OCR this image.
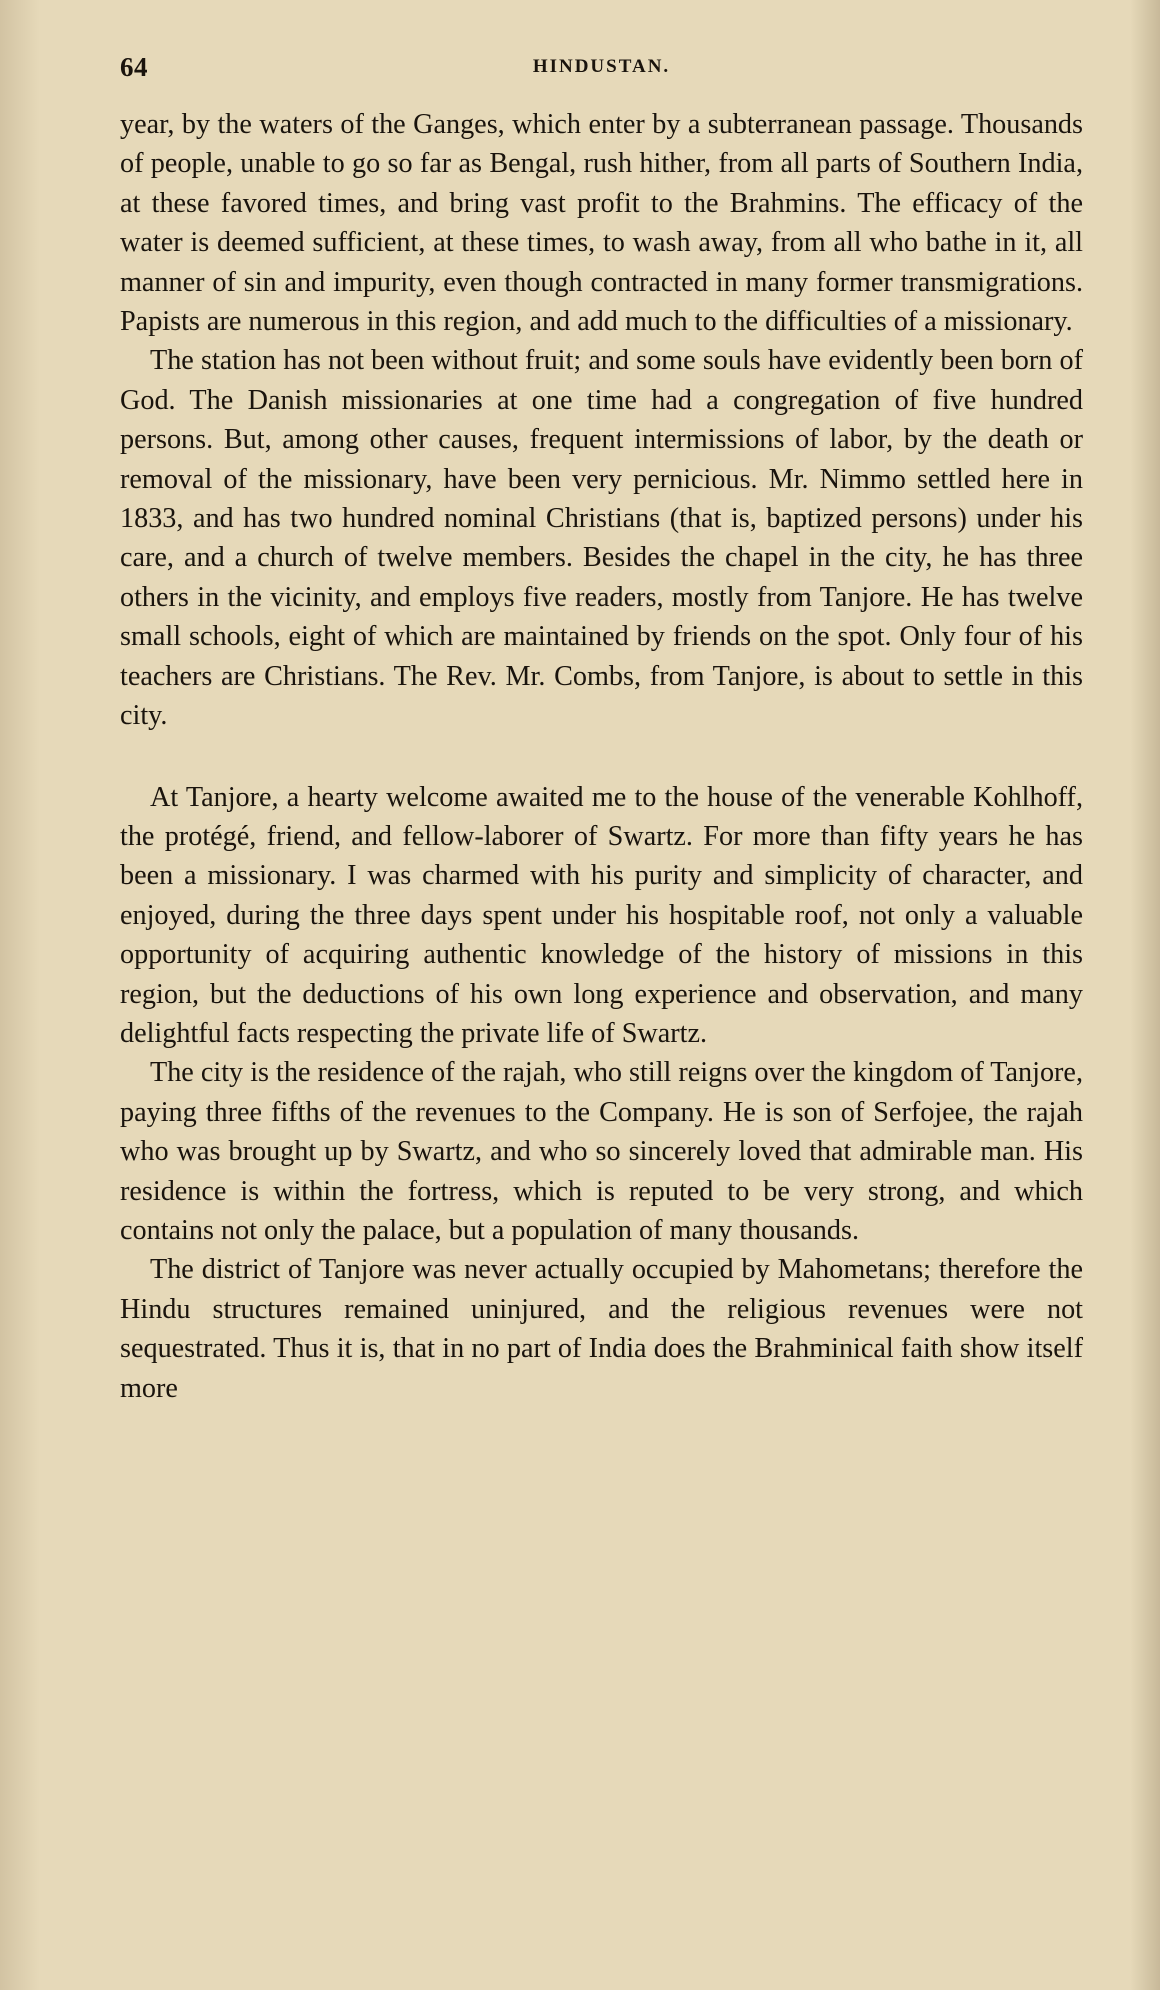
64	HINDUSTAN.

year, by the waters of the Ganges, which enter by a subterranean passage. Thousands of people, unable to go so far as Bengal, rush hither, from all parts of Southern India, at these favored times, and bring vast profit to the Brahmins. The efficacy of the water is deemed sufficient, at these times, to wash away, from all who bathe in it, all manner of sin and impurity, even though contracted in many former transmigrations. Papists are numerous in this region, and add much to the difficulties of a missionary.

The station has not been without fruit; and some souls have evidently been born of God. The Danish missionaries at one time had a congregation of five hundred persons. But, among other causes, frequent intermissions of labor, by the death or removal of the missionary, have been very pernicious. Mr. Nimmo settled here in 1833, and has two hundred nominal Christians (that is, baptized persons) under his care, and a church of twelve members. Besides the chapel in the city, he has three others in the vicinity, and employs five readers, mostly from Tanjore. He has twelve small schools, eight of which are maintained by friends on the spot. Only four of his teachers are Christians. The Rev. Mr. Combs, from Tanjore, is about to settle in this city.

At Tanjore, a hearty welcome awaited me to the house of the venerable Kohlhoff, the protégé, friend, and fellow-laborer of Swartz. For more than fifty years he has been a missionary. I was charmed with his purity and simplicity of character, and enjoyed, during the three days spent under his hospitable roof, not only a valuable opportunity of acquiring authentic knowledge of the history of missions in this region, but the deductions of his own long experience and observation, and many delightful facts respecting the private life of Swartz.

The city is the residence of the rajah, who still reigns over the kingdom of Tanjore, paying three fifths of the revenues to the Company. He is son of Serfojee, the rajah who was brought up by Swartz, and who so sincerely loved that admirable man. His residence is within the fortress, which is reputed to be very strong, and which contains not only the palace, but a population of many thousands.

The district of Tanjore was never actually occupied by Mahometans; therefore the Hindu structures remained uninjured, and the religious revenues were not sequestrated. Thus it is, that in no part of India does the Brahminical faith show itself more
